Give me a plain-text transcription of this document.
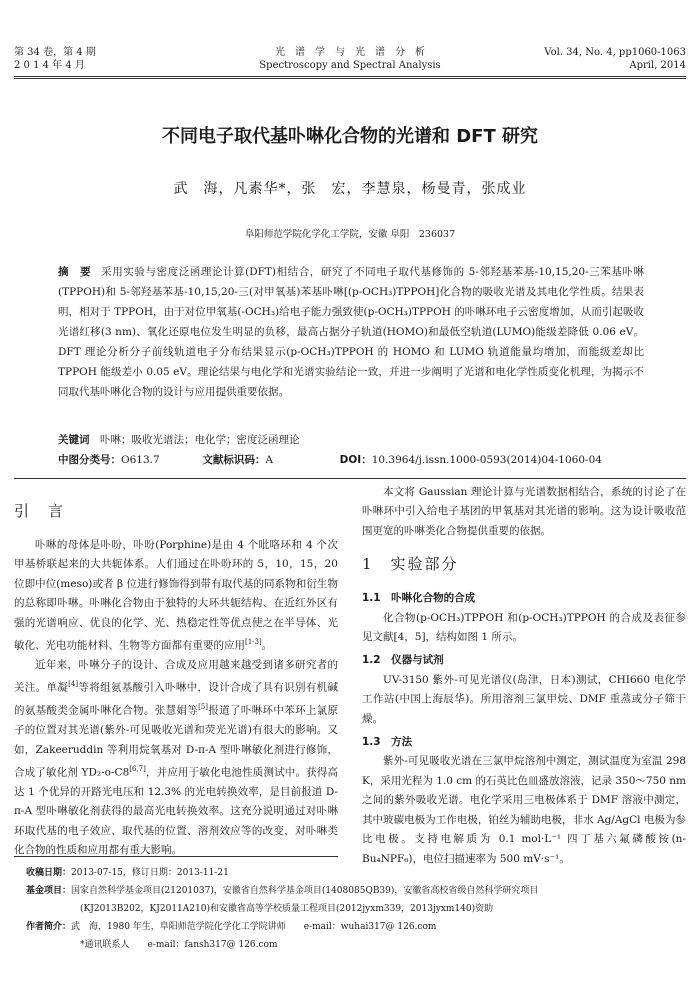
第 34 卷，第 4 期
2 0 1 4 年 4 月
光　谱　学　与　光　谱　分　析
Spectroscopy and Spectral Analysis
Vol. 34, No. 4, pp1060-1063
April, 2014
不同电子取代基卟啉化合物的光谱和 DFT 研究
武　海，凡素华*，张　宏，李慧泉，杨曼青，张成业
阜阳师范学院化学化工学院，安徽 阜阳　236037
摘　要 采用实验与密度泛函理论计算(DFT)相结合，研究了不同电子取代基修饰的 5-邻羟基苯基-10,15,20-三苯基卟啉(TPPOH)和 5-邻羟基苯基-10,15,20-三(对甲氧基)苯基卟啉[(p-OCH₃)TPPOH]化合物的吸收光谱及其电化学性质。结果表明，相对于 TPPOH，由于对位甲氧基(-OCH₃)给电子能力强致使(p-OCH₃)TPPOH 的卟啉环电子云密度增加，从而引起吸收光谱红移(3 nm)、氧化还原电位发生明显的负移，最高占据分子轨道(HOMO)和最低空轨道(LUMO)能级差降低 0.06 eV。DFT 理论分析分子前线轨道电子分布结果显示(p-OCH₃)TPPOH 的 HOMO 和 LUMO 轨道能量均增加，而能级差却比 TPPOH 能级差小 0.05 eV。理论结果与电化学和光谱实验结论一致，并进一步阐明了光谱和电化学性质变化机理，为揭示不同取代基卟啉化合物的设计与应用提供重要依据。
关键词　 卟啉；吸收光谱法；电化学；密度泛函理论
中图分类号：O613.7	文献标识码：A	DOI：10.3964/j.issn.1000-0593(2014)04-1060-04
引　言

卟啉的母体是卟吩，卟吩(Porphine)是由 4 个吡咯环和 4 个次甲基桥联起来的大共轭体系。人们通过在卟吩环的 5，10，15，20 位即中位(meso)或者 β 位进行修饰得到带有取代基的同系物和衍生物的总称即卟啉。卟啉化合物由于独特的大环共轭结构、在近红外区有强的光谱响应、优良的化学、光、热稳定性等优点使之在半导体、光敏化、光电功能材料、生物等方面都有重要的应用[1-3]。

近年来，卟啉分子的设计、合成及应用越来越受到诸多研究者的关注。单凝[4]等将组氨基酸引入卟啉中，设计合成了具有识别有机碱的氨基酸类金属卟啉化合物。张慧娟等[5]报道了卟啉环中苯环上氯原子的位置对其光谱(紫外-可见吸收光谱和荧光光谱)有很大的影响。又如，Zakeeruddin 等利用烷氧基对 D-π-A 型卟啉敏化剂进行修饰，合成了敏化剂 YD₂-o-C8[6,7]，并应用于敏化电池性质测试中。获得高达 1 个优异的开路光电压和 12.3% 的光电转换效率，是目前报道 D-π-A 型卟啉敏化剂获得的最高光电转换效率。这充分说明通过对卟啉环取代基的电子效应、取代基的位置、溶剂效应等的改变，对卟啉类化合物的性质和应用都有重大影响。

本文将 Gaussian 理论计算与光谱数据相结合，系统的讨论了在卟啉环中引入给电子基团的甲氧基对其光谱的影响。这为设计吸收范围更宽的卟啉类化合物提供重要的依据。

1　实验部分
1.1　卟啉化合物的合成

化合物(p-OCH₃)TPPOH 和(p-OCH₃)TPPOH 的合成及表征参见文献[4，5]，结构如图 1 所示。

1.2　仪器与试剂

UV-3150 紫外-可见光谱仪(岛津，日本)测试，CHI660 电化学工作站(中国上海辰华)。所用溶剂三氯甲烷、DMF 重蒸或分子筛干燥。

1.3　方法

紫外-可见吸收光谱在三氯甲烷溶剂中测定，测试温度为室温 298 K，采用光程为 1.0 cm 的石英比色皿盛放溶液，记录 350～750 nm 之间的紫外吸收光谱。电化学采用三电极体系于 DMF 溶液中测定，其中玻碳电极为工作电极，铂丝为辅助电极，非水 Ag/AgCl 电极为参比电极。支持电解质为 0.1 mol·L⁻¹ 四丁基六氟磷酸铵(n-Bu₄NPF₆)，电位扫描速率为 500 mV·s⁻¹。

收稿日期：2013-07-15，修订日期：2013-11-21
基金项目：国家自然科学基金项目(21201037)，安徽省自然科学基金项目(1408085QB39)，安徽省高校省级自然科学研究项目
(KJ2013B202，KJ2011A210)和安徽省高等学校质量工程项目(2012jyxm339，2013jyxm140)资助
作者简介：武　海，1980 年生，阜阳师范学院化学化工学院讲师　　e-mail：wuhai317@ 126.com
*通讯联系人　　e-mail：fansh317@ 126.com
